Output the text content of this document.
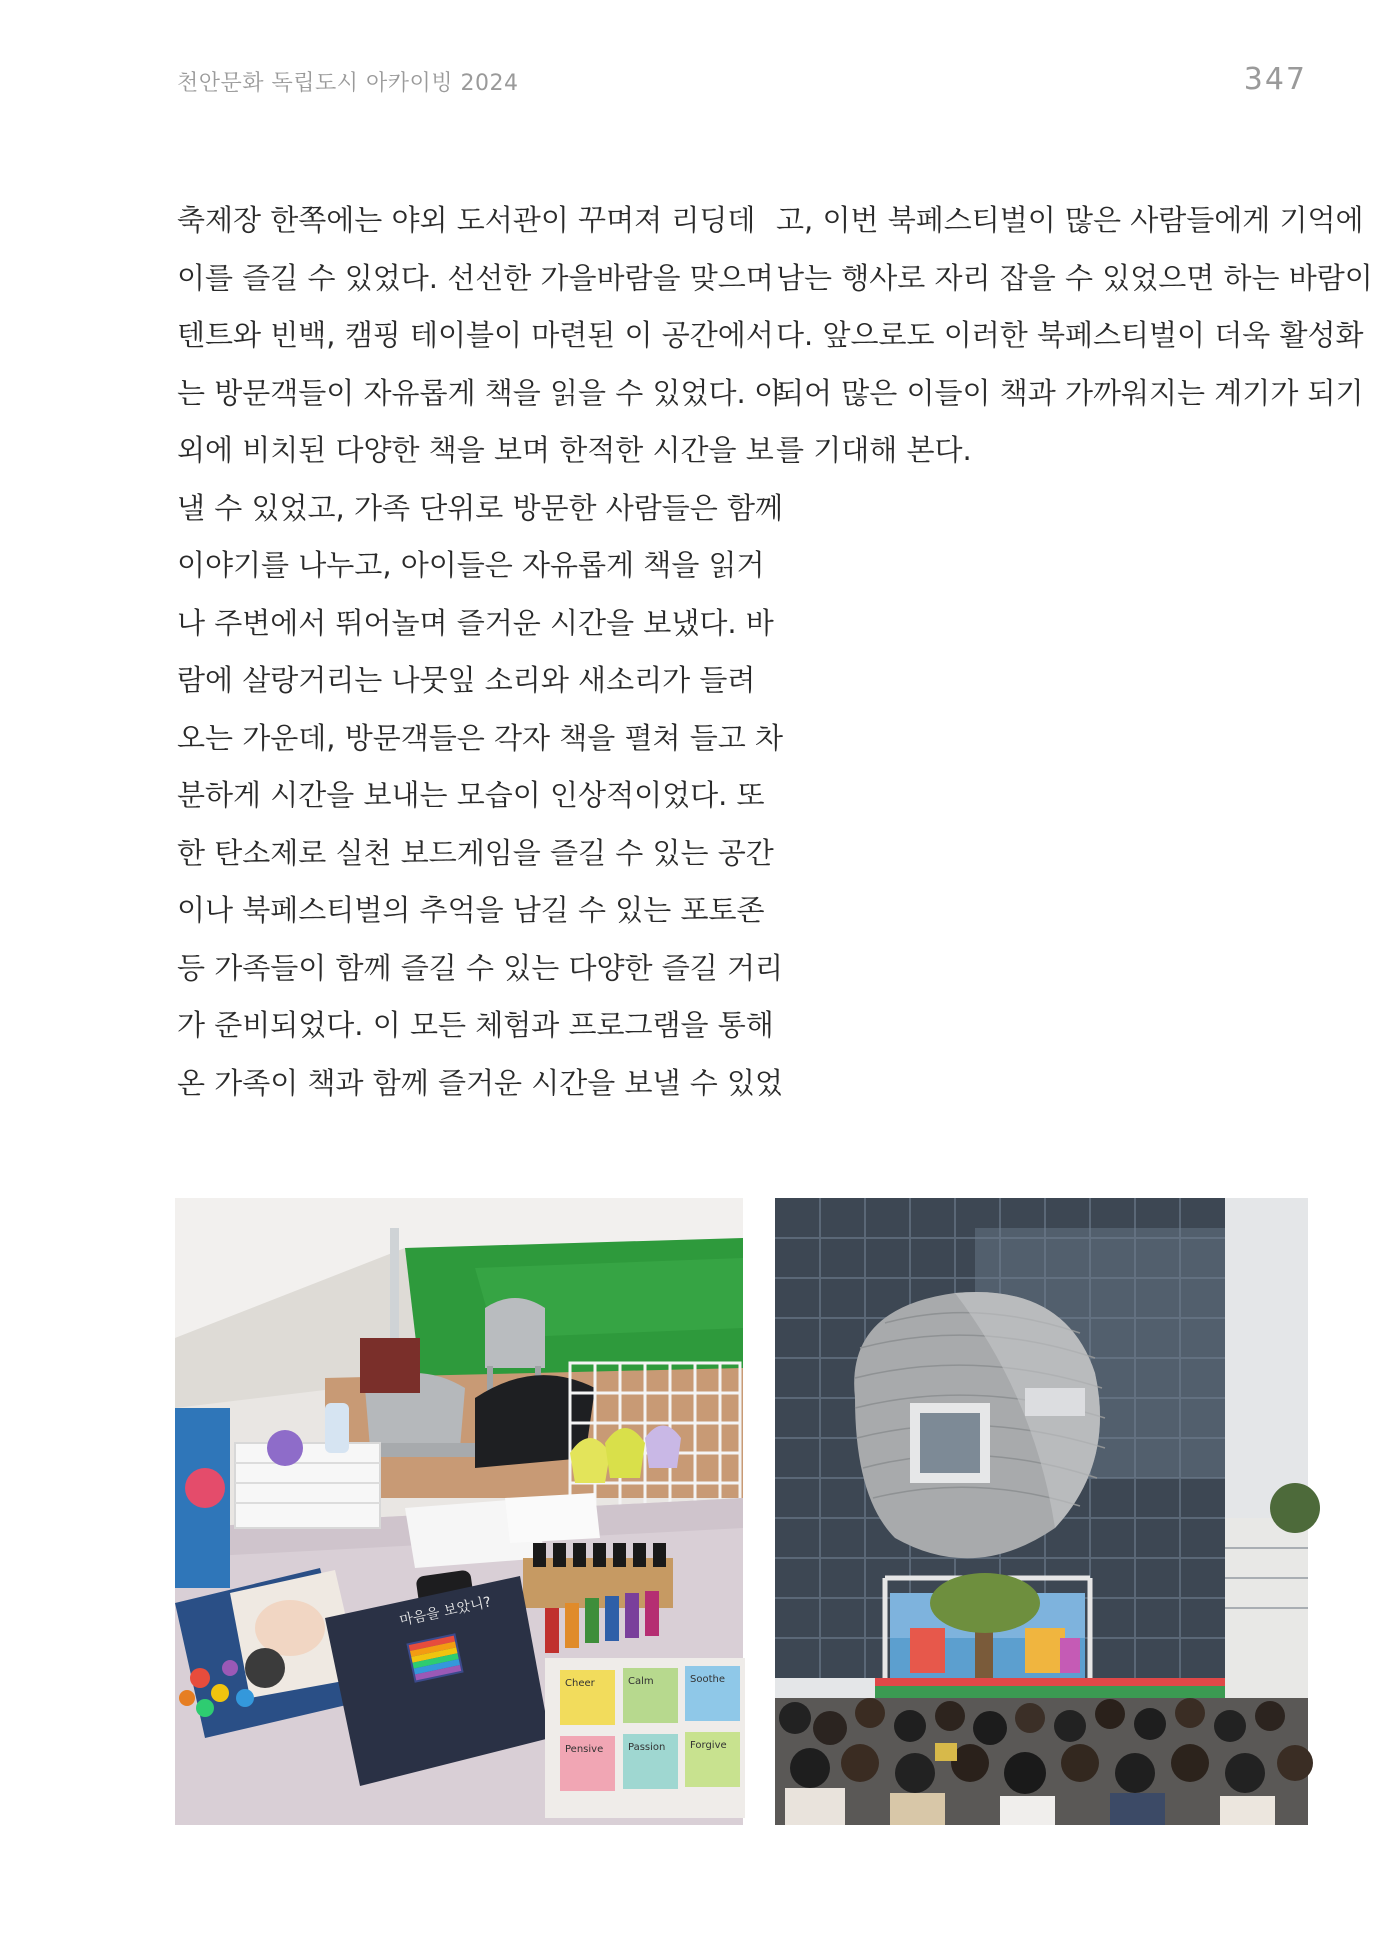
천안문화 독립도시 아카이빙 2024	347
축제장 한쪽에는 야외 도서관이 꾸며져 리딩데
이를 즐길 수 있었다. 선선한 가을바람을 맞으며
텐트와 빈백, 캠핑 테이블이 마련된 이 공간에서
는 방문객들이 자유롭게 책을 읽을 수 있었다. 야
외에 비치된 다양한 책을 보며 한적한 시간을 보
낼 수 있었고, 가족 단위로 방문한 사람들은 함께
이야기를 나누고, 아이들은 자유롭게 책을 읽거
나 주변에서 뛰어놀며 즐거운 시간을 보냈다. 바
람에 살랑거리는 나뭇잎 소리와 새소리가 들려
오는 가운데, 방문객들은 각자 책을 펼쳐 들고 차
분하게 시간을 보내는 모습이 인상적이었다. 또
한 탄소제로 실천 보드게임을 즐길 수 있는 공간
이나 북페스티벌의 추억을 남길 수 있는 포토존
등 가족들이 함께 즐길 수 있는 다양한 즐길 거리
가 준비되었다. 이 모든 체험과 프로그램을 통해
온 가족이 책과 함께 즐거운 시간을 보낼 수 있었
고, 이번 북페스티벌이 많은 사람들에게 기억에
남는 행사로 자리 잡을 수 있었으면 하는 바람이
다. 앞으로도 이러한 북페스티벌이 더욱 활성화
되어 많은 이들이 책과 가까워지는 계기가 되기
를 기대해 본다.
마음을 보았니?
Cheer	Calm	Soothe
Pensive Passion Forgive
